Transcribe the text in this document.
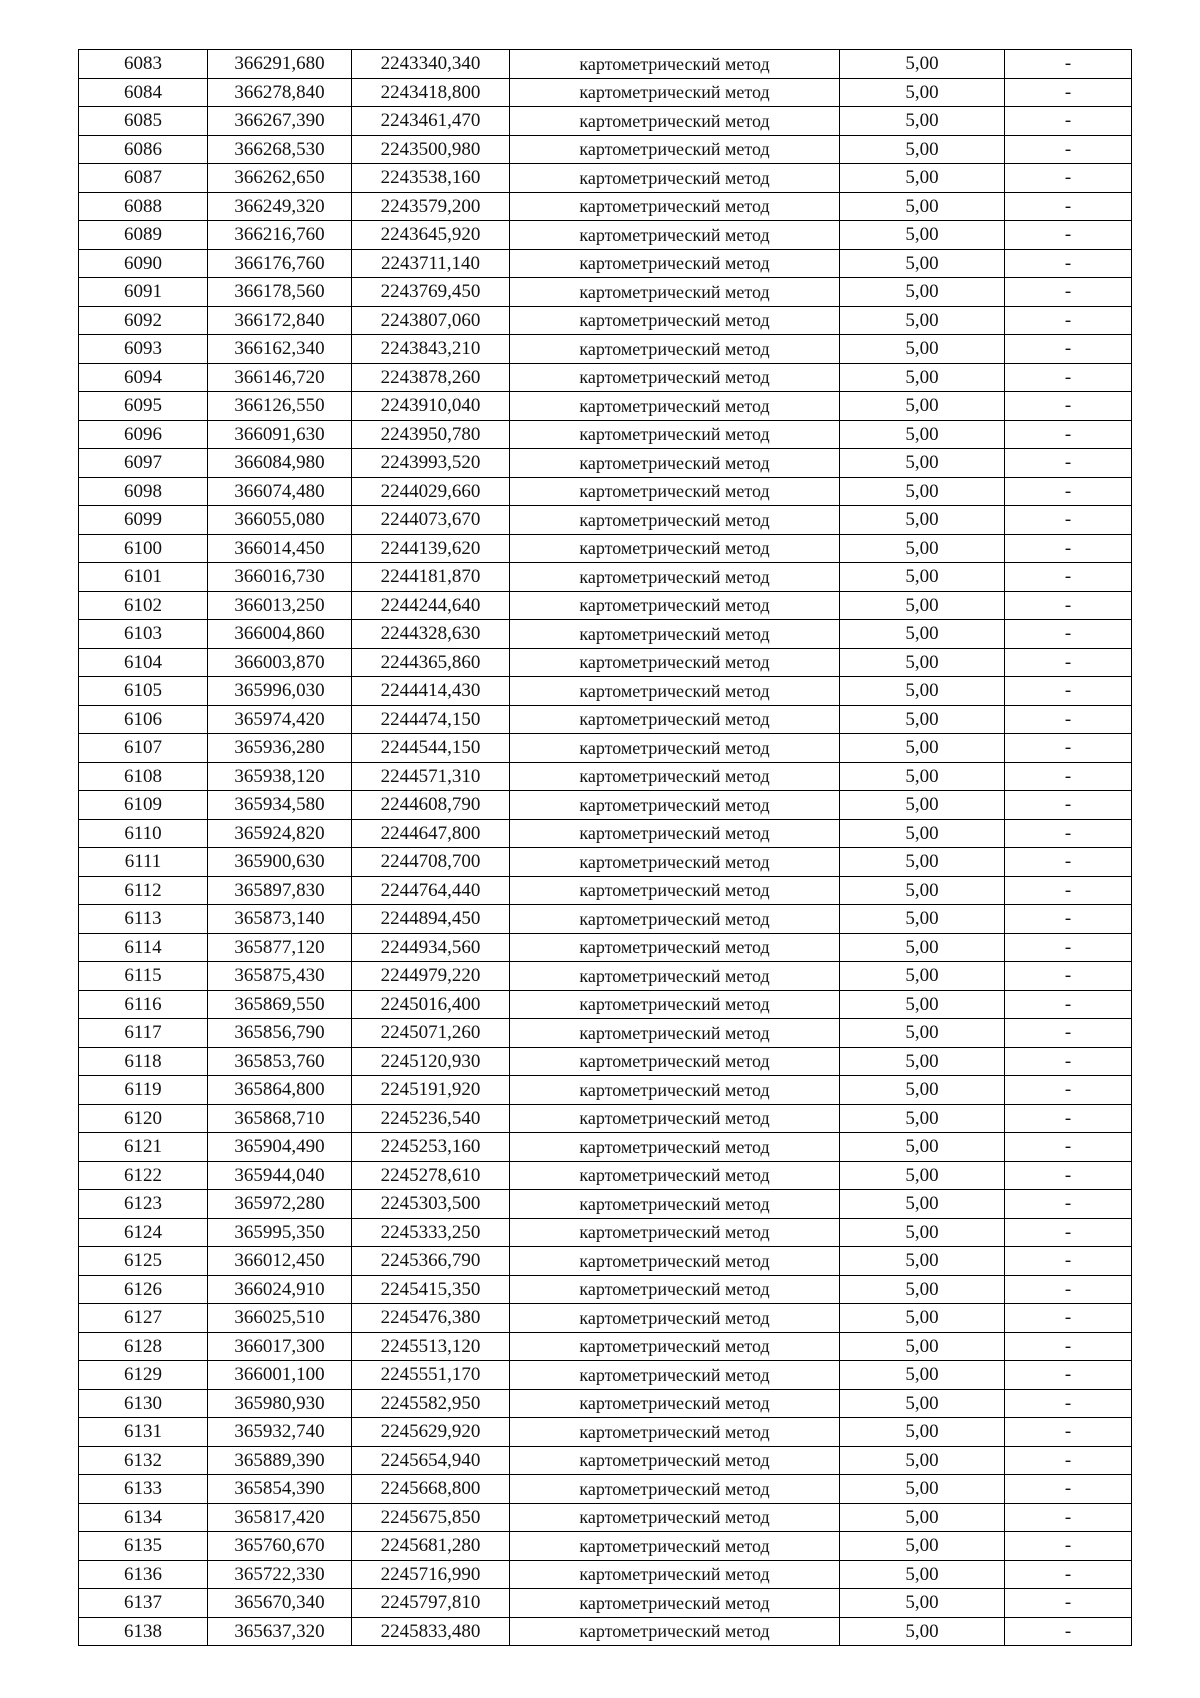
6083	366291,680	2243340,340	картометрический метод	5,00	-
6084	366278,840	2243418,800	картометрический метод	5,00	-
6085	366267,390	2243461,470	картометрический метод	5,00	-
6086	366268,530	2243500,980	картометрический метод	5,00	-
6087	366262,650	2243538,160	картометрический метод	5,00	-
6088	366249,320	2243579,200	картометрический метод	5,00	-
6089	366216,760	2243645,920	картометрический метод	5,00	-
6090	366176,760	2243711,140	картометрический метод	5,00	-
6091	366178,560	2243769,450	картометрический метод	5,00	-
6092	366172,840	2243807,060	картометрический метод	5,00	-
6093	366162,340	2243843,210	картометрический метод	5,00	-
6094	366146,720	2243878,260	картометрический метод	5,00	-
6095	366126,550	2243910,040	картометрический метод	5,00	-
6096	366091,630	2243950,780	картометрический метод	5,00	-
6097	366084,980	2243993,520	картометрический метод	5,00	-
6098	366074,480	2244029,660	картометрический метод	5,00	-
6099	366055,080	2244073,670	картометрический метод	5,00	-
6100	366014,450	2244139,620	картометрический метод	5,00	-
6101	366016,730	2244181,870	картометрический метод	5,00	-
6102	366013,250	2244244,640	картометрический метод	5,00	-
6103	366004,860	2244328,630	картометрический метод	5,00	-
6104	366003,870	2244365,860	картометрический метод	5,00	-
6105	365996,030	2244414,430	картометрический метод	5,00	-
6106	365974,420	2244474,150	картометрический метод	5,00	-
6107	365936,280	2244544,150	картометрический метод	5,00	-
6108	365938,120	2244571,310	картометрический метод	5,00	-
6109	365934,580	2244608,790	картометрический метод	5,00	-
6110	365924,820	2244647,800	картометрический метод	5,00	-
6111	365900,630	2244708,700	картометрический метод	5,00	-
6112	365897,830	2244764,440	картометрический метод	5,00	-
6113	365873,140	2244894,450	картометрический метод	5,00	-
6114	365877,120	2244934,560	картометрический метод	5,00	-
6115	365875,430	2244979,220	картометрический метод	5,00	-
6116	365869,550	2245016,400	картометрический метод	5,00	-
6117	365856,790	2245071,260	картометрический метод	5,00	-
6118	365853,760	2245120,930	картометрический метод	5,00	-
6119	365864,800	2245191,920	картометрический метод	5,00	-
6120	365868,710	2245236,540	картометрический метод	5,00	-
6121	365904,490	2245253,160	картометрический метод	5,00	-
6122	365944,040	2245278,610	картометрический метод	5,00	-
6123	365972,280	2245303,500	картометрический метод	5,00	-
6124	365995,350	2245333,250	картометрический метод	5,00	-
6125	366012,450	2245366,790	картометрический метод	5,00	-
6126	366024,910	2245415,350	картометрический метод	5,00	-
6127	366025,510	2245476,380	картометрический метод	5,00	-
6128	366017,300	2245513,120	картометрический метод	5,00	-
6129	366001,100	2245551,170	картометрический метод	5,00	-
6130	365980,930	2245582,950	картометрический метод	5,00	-
6131	365932,740	2245629,920	картометрический метод	5,00	-
6132	365889,390	2245654,940	картометрический метод	5,00	-
6133	365854,390	2245668,800	картометрический метод	5,00	-
6134	365817,420	2245675,850	картометрический метод	5,00	-
6135	365760,670	2245681,280	картометрический метод	5,00	-
6136	365722,330	2245716,990	картометрический метод	5,00	-
6137	365670,340	2245797,810	картометрический метод	5,00	-
6138	365637,320	2245833,480	картометрический метод	5,00	-
